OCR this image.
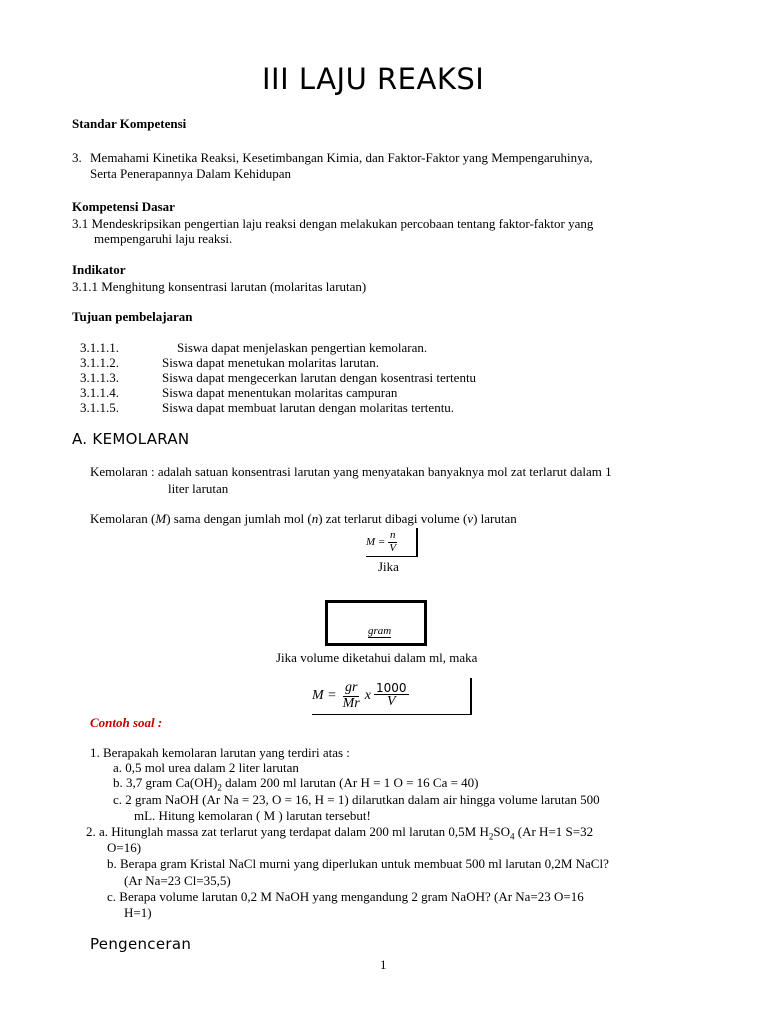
III LAJU REAKSI
Standar Kompetensi
3. Memahami Kinetika Reaksi, Kesetimbangan Kimia, dan Faktor-Faktor yang Mempengaruhinya,
Serta Penerapannya Dalam Kehidupan
Kompetensi Dasar
3.1 Mendeskripsikan pengertian laju reaksi dengan melakukan percobaan tentang faktor-faktor yang
mempengaruhi laju reaksi.
Indikator
3.1.1 Menghitung konsentrasi larutan (molaritas larutan)
Tujuan pembelajaran
3.1.1.1.	Siswa dapat menjelaskan pengertian kemolaran.
3.1.1.2.	Siswa dapat menetukan molaritas larutan.
3.1.1.3.	Siswa dapat mengecerkan larutan dengan kosentrasi tertentu
3.1.1.4.	Siswa dapat menentukan molaritas campuran
3.1.1.5.	Siswa dapat membuat larutan dengan molaritas tertentu.
A. KEMOLARAN
Kemolaran : adalah satuan konsentrasi larutan yang menyatakan banyaknya mol zat terlarut dalam 1
liter larutan
Kemolaran (M) sama dengan jumlah mol (n) zat terlarut dibagi volume (v) larutan
$M = \frac{n}{V}$
Jika
gram
Jika volume diketahui dalam ml, maka
$M = \frac{gr}{Mr}$ x $\frac{1000}{V}$
Contoh soal :
1. Berapakah kemolaran larutan yang terdiri atas :
a. 0,5 mol urea dalam 2 liter larutan
b. 3,7 gram $Ca(OH)_2$ dalam 200 ml larutan (Ar H = 1 O = 16 Ca = 40)
c. 2 gram NaOH (Ar Na = 23, O = 16, H = 1) dilarutkan dalam air hingga volume larutan 500
mL. Hitung kemolaran ( M ) larutan tersebut!
2. a. Hitunglah massa zat terlarut yang terdapat dalam 200 ml larutan 0,5M $H_2SO_4$ (Ar H=1 S=32
O=16)
b. Berapa gram Kristal NaCl murni yang diperlukan untuk membuat 500 ml larutan 0,2M NaCl?
(Ar Na=23 Cl=35,5)
c. Berapa volume larutan 0,2 M NaOH yang mengandung 2 gram NaOH? (Ar Na=23 O=16
H=1)
Pengenceran
1
